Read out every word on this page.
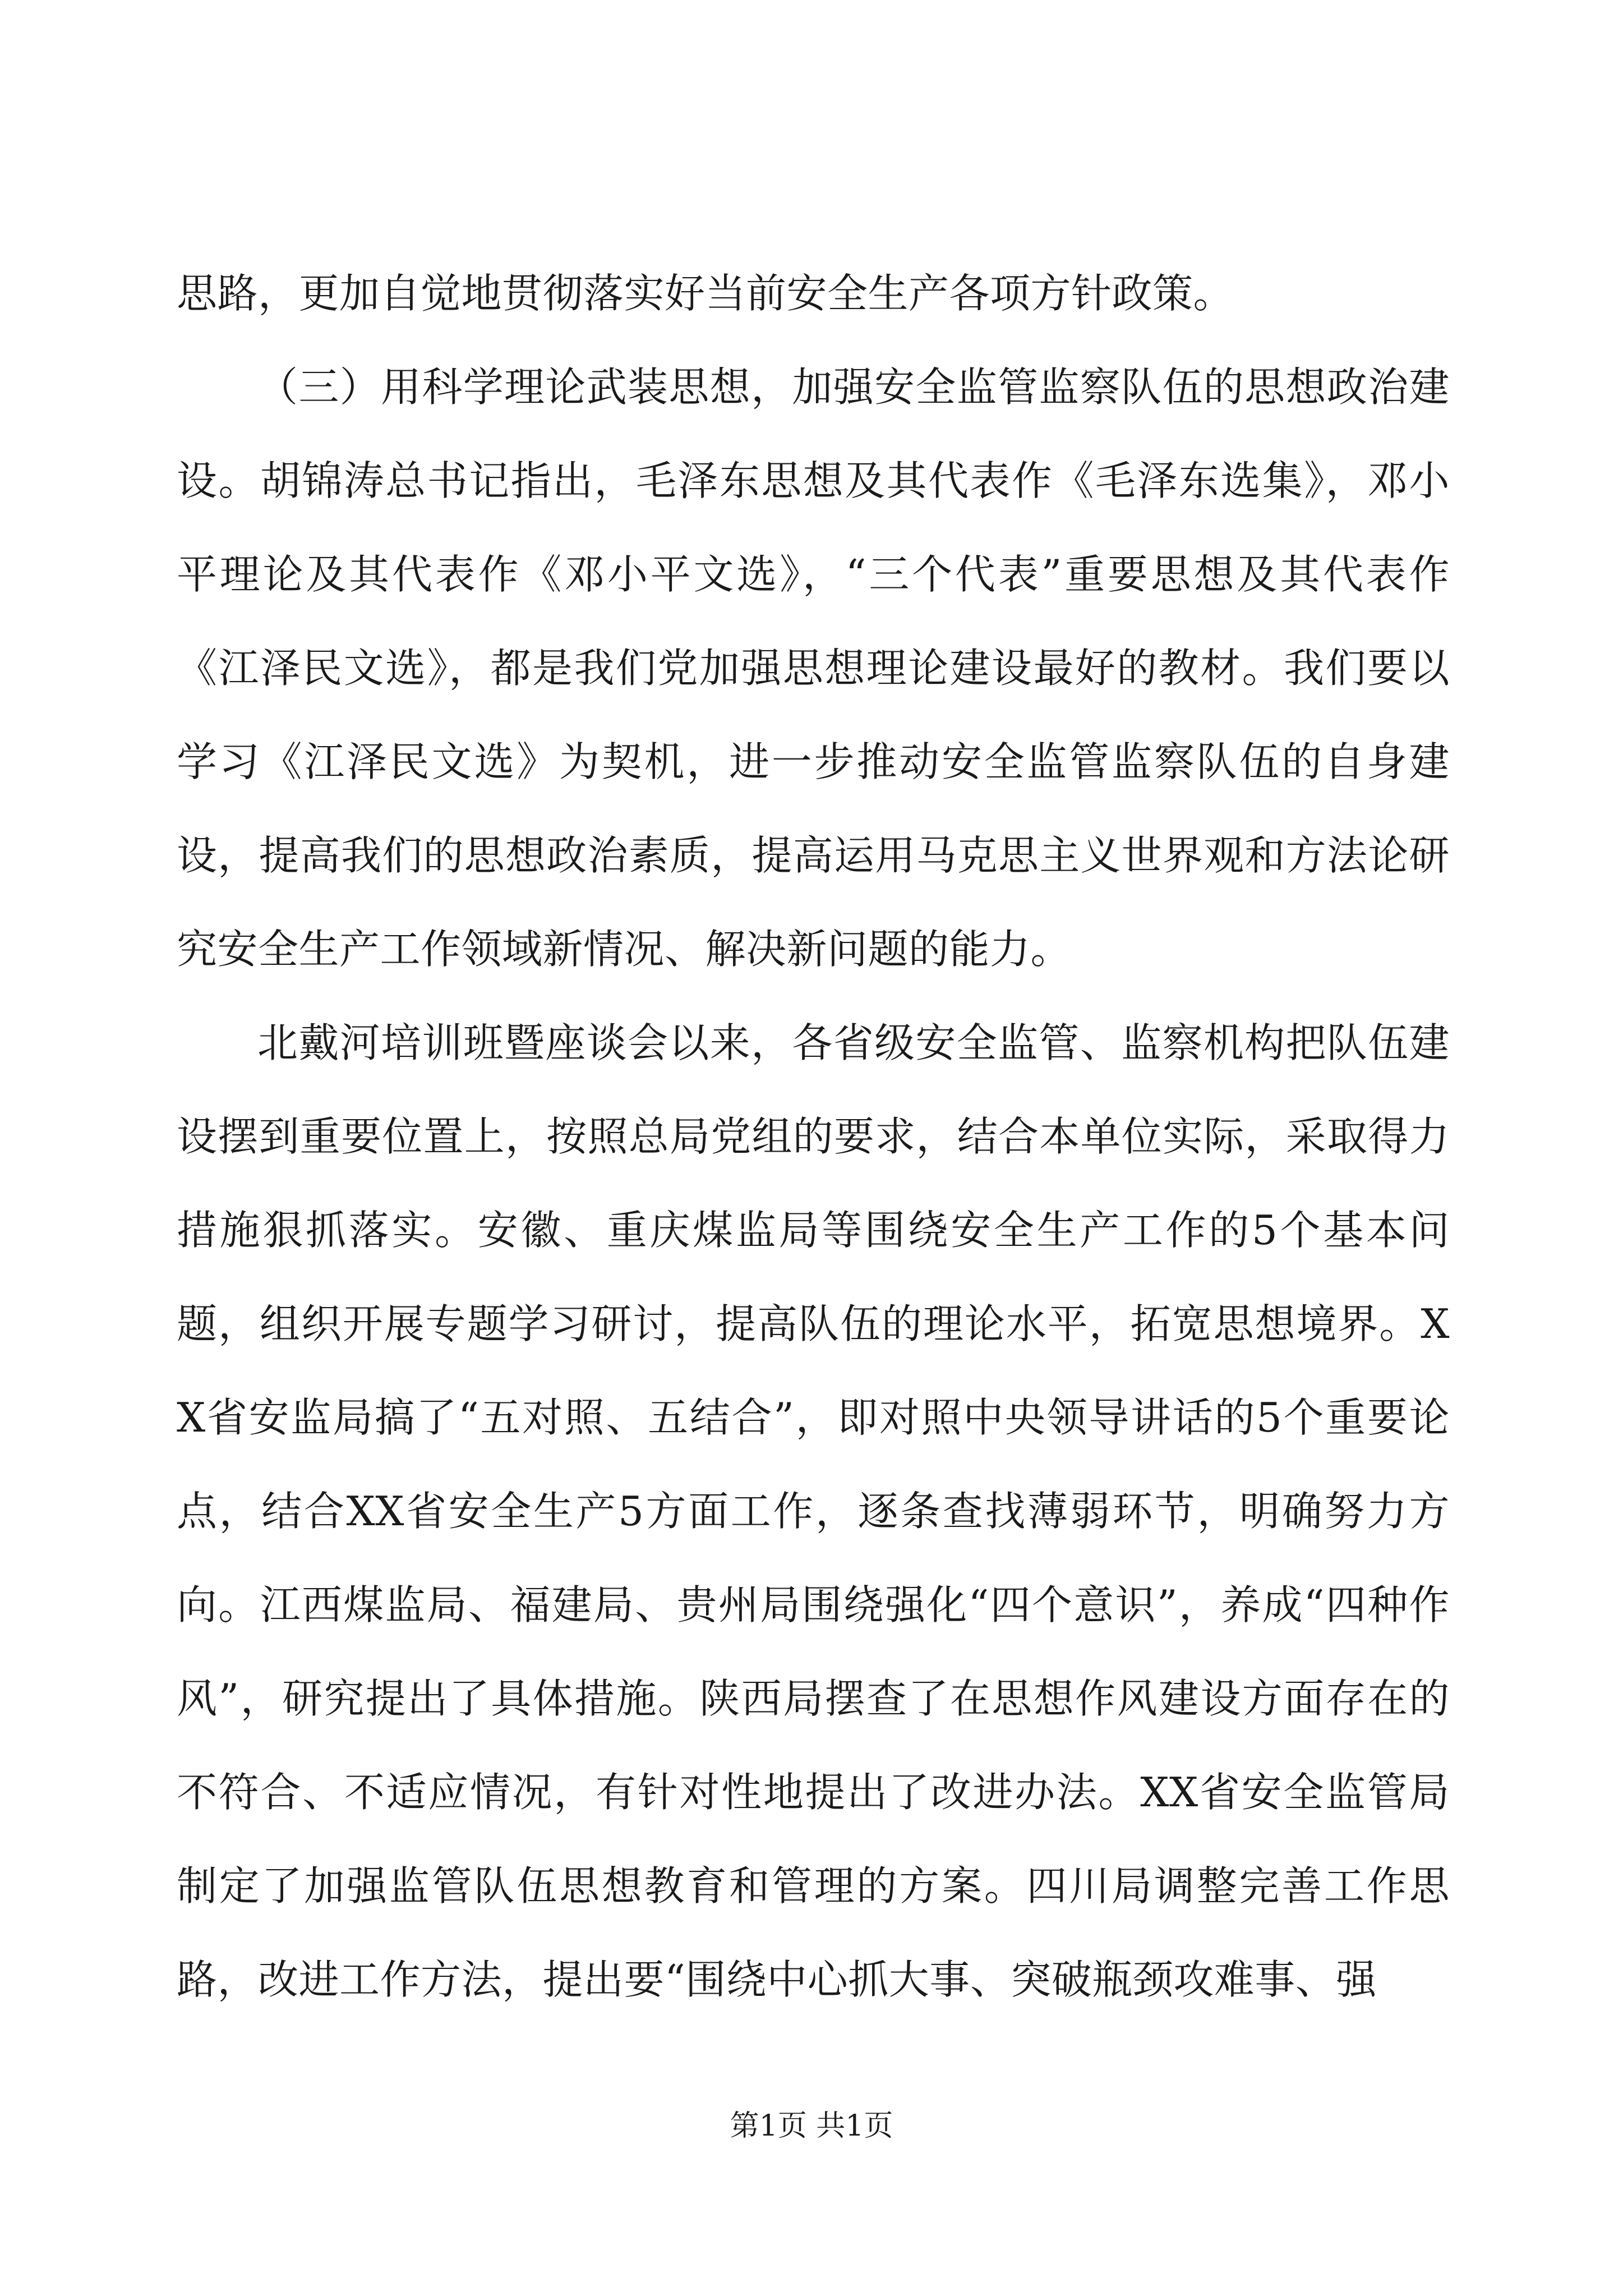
思路，更加自觉地贯彻落实好当前安全生产各项方针政策。

（三）用科学理论武装思想，加强安全监管监察队伍的思想政治建设。胡锦涛总书记指出，毛泽东思想及其代表作《毛泽东选集》，邓小平理论及其代表作《邓小平文选》，“三个代表”重要思想及其代表作《江泽民文选》，都是我们党加强思想理论建设最好的教材。我们要以学习《江泽民文选》为契机，进一步推动安全监管监察队伍的自身建设，提高我们的思想政治素质，提高运用马克思主义世界观和方法论研究安全生产工作领域新情况、解决新问题的能力。

北戴河培训班暨座谈会以来，各省级安全监管、监察机构把队伍建设摆到重要位置上，按照总局党组的要求，结合本单位实际，采取得力措施狠抓落实。安徽、重庆煤监局等围绕安全生产工作的5个基本问题，组织开展专题学习研讨，提高队伍的理论水平，拓宽思想境界。XX省安监局搞了“五对照、五结合”，即对照中央领导讲话的5个重要论点，结合XX省安全生产5方面工作，逐条查找薄弱环节，明确努力方向。江西煤监局、福建局、贵州局围绕强化“四个意识”，养成“四种作风”，研究提出了具体措施。陕西局摆查了在思想作风建设方面存在的不符合、不适应情况，有针对性地提出了改进办法。XX省安全监管局制定了加强监管队伍思想教育和管理的方案。四川局调整完善工作思路，改进工作方法，提出要“围绕中心抓大事、突破瓶颈攻难事、强

第1页 共1页
